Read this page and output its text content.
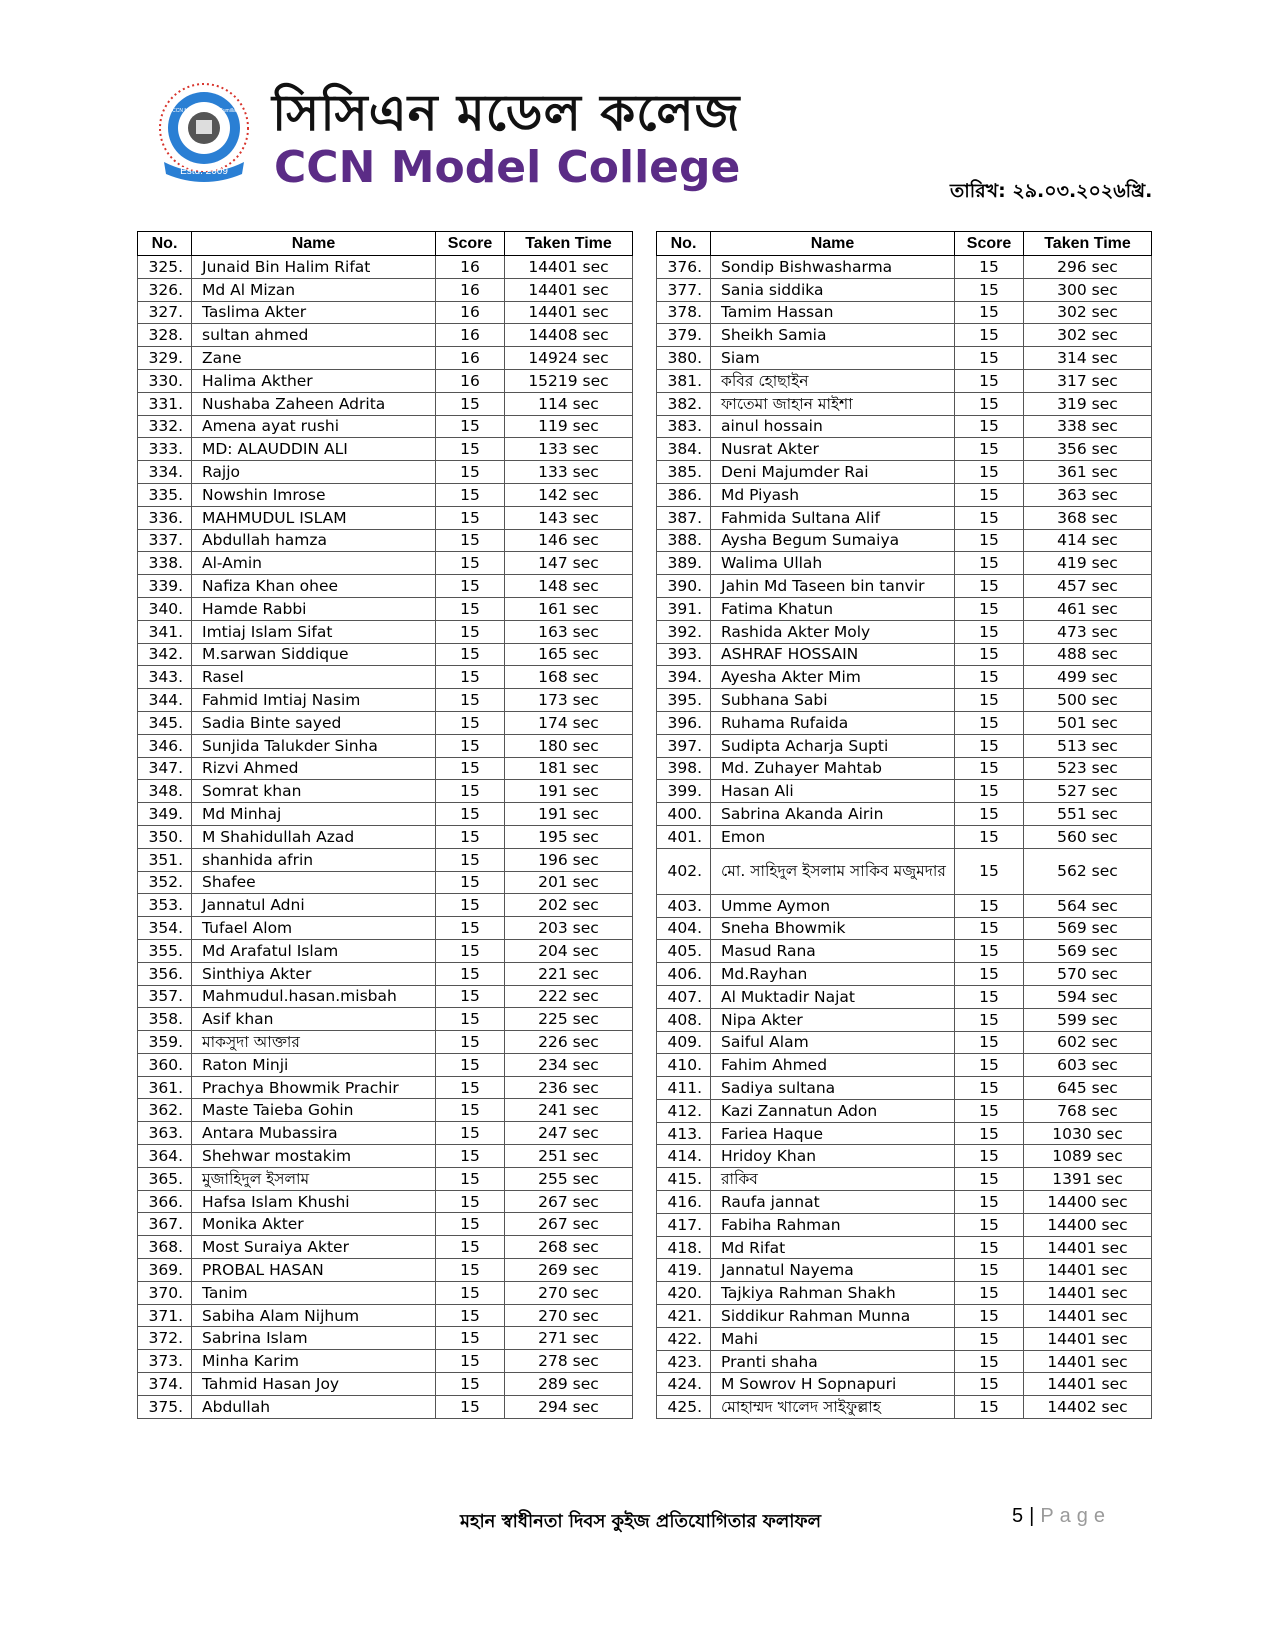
Estd. 2009
CCN Model College, Cumilla সিসিএন মডেল কলেজ
CCN Model College	তারিখ: ২৯.০৩.২০২৬খ্রি.
No.	Name	Score	Taken Time
325.	Junaid Bin Halim Rifat	16	14401 sec
326.	Md Al Mizan	16	14401 sec
327.	Taslima Akter	16	14401 sec
328.	sultan ahmed	16	14408 sec
329.	Zane	16	14924 sec
330.	Halima Akther	16	15219 sec
331.	Nushaba Zaheen Adrita	15	114 sec
332.	Amena ayat rushi	15	119 sec
333.	MD: ALAUDDIN ALI	15	133 sec
334.	Rajjo	15	133 sec
335.	Nowshin Imrose	15	142 sec
336.	MAHMUDUL ISLAM	15	143 sec
337.	Abdullah hamza	15	146 sec
338.	Al-Amin	15	147 sec
339.	Nafiza Khan ohee	15	148 sec
340.	Hamde Rabbi	15	161 sec
341.	Imtiaj Islam Sifat	15	163 sec
342.	M.sarwan Siddique	15	165 sec
343.	Rasel	15	168 sec
344.	Fahmid Imtiaj Nasim	15	173 sec
345.	Sadia Binte sayed	15	174 sec
346.	Sunjida Talukder Sinha	15	180 sec
347.	Rizvi Ahmed	15	181 sec
348.	Somrat khan	15	191 sec
349.	Md Minhaj	15	191 sec
350.	M Shahidullah Azad	15	195 sec
351.	shanhida afrin	15	196 sec
352.	Shafee	15	201 sec
353.	Jannatul Adni	15	202 sec
354.	Tufael Alom	15	203 sec
355.	Md Arafatul Islam	15	204 sec
356.	Sinthiya Akter	15	221 sec
357.	Mahmudul.hasan.misbah	15	222 sec
358.	Asif khan	15	225 sec
359.	মাকসুদা আক্তার	15	226 sec
360.	Raton Minji	15	234 sec
361.	Prachya Bhowmik Prachir	15	236 sec
362.	Maste Taieba Gohin	15	241 sec
363.	Antara Mubassira	15	247 sec
364.	Shehwar mostakim	15	251 sec
365.	মুজাহিদুল ইসলাম	15	255 sec
366.	Hafsa Islam Khushi	15	267 sec
367.	Monika Akter	15	267 sec
368.	Most Suraiya Akter	15	268 sec
369.	PROBAL HASAN	15	269 sec
370.	Tanim	15	270 sec
371.	Sabiha Alam Nijhum	15	270 sec
372.	Sabrina Islam	15	271 sec
373.	Minha Karim	15	278 sec
374.	Tahmid Hasan Joy	15	289 sec
375.	Abdullah	15	294 sec
No.	Name	Score	Taken Time
376.	Sondip Bishwasharma	15	296 sec
377.	Sania siddika	15	300 sec
378.	Tamim Hassan	15	302 sec
379.	Sheikh Samia	15	302 sec
380.	Siam	15	314 sec
381.	কবির হোছাইন	15	317 sec
382.	ফাতেমা জাহান মাইশা	15	319 sec
383.	ainul hossain	15	338 sec
384.	Nusrat Akter	15	356 sec
385.	Deni Majumder Rai	15	361 sec
386.	Md Piyash	15	363 sec
387.	Fahmida Sultana Alif	15	368 sec
388.	Aysha Begum Sumaiya	15	414 sec
389.	Walima Ullah	15	419 sec
390.	Jahin Md Taseen bin tanvir	15	457 sec
391.	Fatima Khatun	15	461 sec
392.	Rashida Akter Moly	15	473 sec
393.	ASHRAF HOSSAIN	15	488 sec
394.	Ayesha Akter Mim	15	499 sec
395.	Subhana Sabi	15	500 sec
396.	Ruhama Rufaida	15	501 sec
397.	Sudipta Acharja Supti	15	513 sec
398.	Md. Zuhayer Mahtab	15	523 sec
399.	Hasan Ali	15	527 sec
400.	Sabrina Akanda Airin	15	551 sec
401.	Emon	15	560 sec
402.	মো. সাহিদুল ইসলাম সাকিব মজুমদার	15	562 sec
403.	Umme Aymon	15	564 sec
404.	Sneha Bhowmik	15	569 sec
405.	Masud Rana	15	569 sec
406.	Md.Rayhan	15	570 sec
407.	Al Muktadir Najat	15	594 sec
408.	Nipa Akter	15	599 sec
409.	Saiful Alam	15	602 sec
410.	Fahim Ahmed	15	603 sec
411.	Sadiya sultana	15	645 sec
412.	Kazi Zannatun Adon	15	768 sec
413.	Fariea Haque	15	1030 sec
414.	Hridoy Khan	15	1089 sec
415.	রাকিব	15	1391 sec
416.	Raufa jannat	15	14400 sec
417.	Fabiha Rahman	15	14400 sec
418.	Md Rifat	15	14401 sec
419.	Jannatul Nayema	15	14401 sec
420.	Tajkiya Rahman Shakh	15	14401 sec
421.	Siddikur Rahman Munna	15	14401 sec
422.	Mahi	15	14401 sec
423.	Pranti shaha	15	14401 sec
424.	M Sowrov H Sopnapuri	15	14401 sec
425.	মোহাম্মদ খালেদ সাইফুল্লাহ	15	14402 sec
মহান স্বাধীনতা দিবস কুইজ প্রতিযোগিতার ফলাফল	5 | Page
